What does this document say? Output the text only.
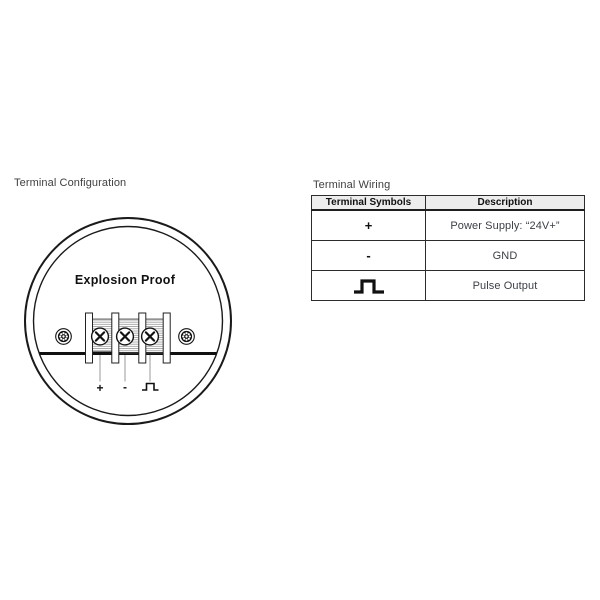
Terminal Configuration
Explosion Proof
+ -
Terminal Wiring
Terminal Symbols	Description
+	Power Supply: “24V+”
-	GND
	Pulse Output
